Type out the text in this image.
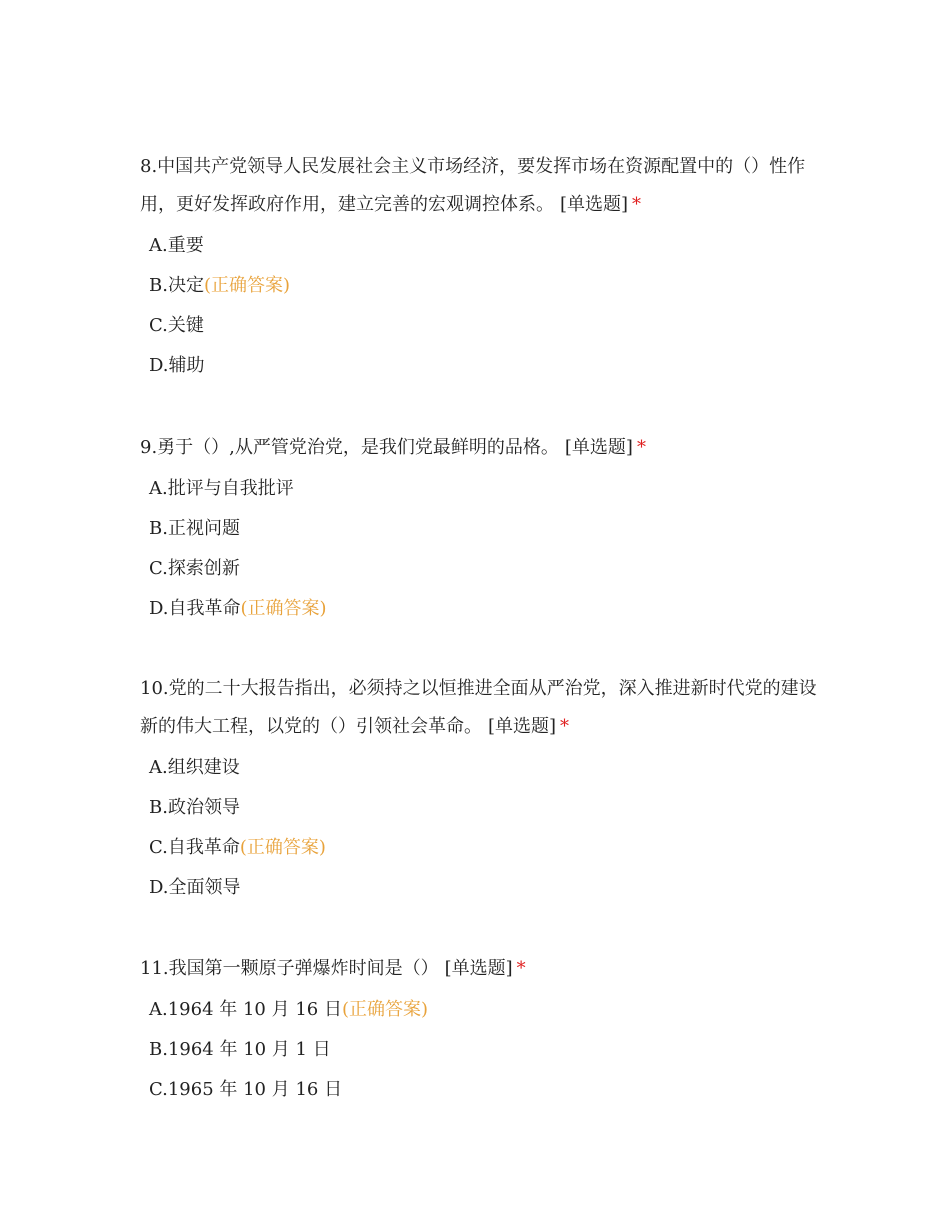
8.中国共产党领导人民发展社会主义市场经济，要发挥市场在资源配置中的（）性作用，更好发挥政府作用，建立完善的宏观调控体系。 [单选题] *

A.重要
B.决定(正确答案)
C.关键
D.辅助

9.勇于（）,从严管党治党，是我们党最鲜明的品格。 [单选题] *

A.批评与自我批评
B.正视问题
C.探索创新
D.自我革命(正确答案)

10.党的二十大报告指出，必须持之以恒推进全面从严治党，深入推进新时代党的建设新的伟大工程，以党的（）引领社会革命。 [单选题] *

A.组织建设
B.政治领导
C.自我革命(正确答案)
D.全面领导

11.我国第一颗原子弹爆炸时间是（） [单选题] *

A.1964 年 10 月 16 日(正确答案)
B.1964 年 10 月 1 日
C.1965 年 10 月 16 日
